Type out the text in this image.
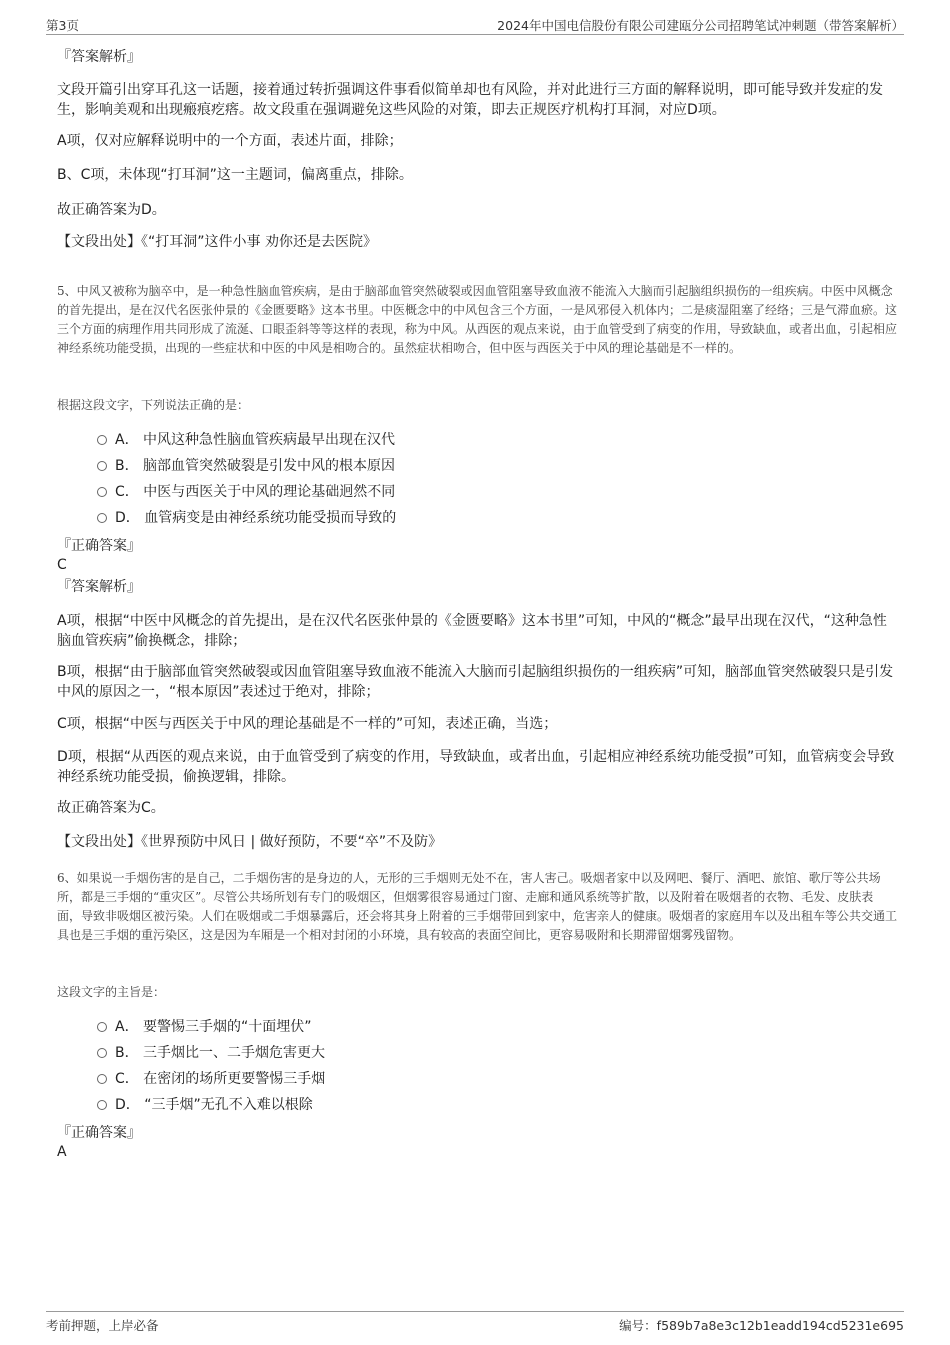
第3页	2024年中国电信股份有限公司建瓯分公司招聘笔试冲刺题（带答案解析）
『答案解析』
文段开篇引出穿耳孔这一话题，接着通过转折强调这件事看似简单却也有风险，并对此进行三方面的解释说明，即可能导致并发症的发生，影响美观和出现瘢痕疙瘩。故文段重在强调避免这些风险的对策，即去正规医疗机构打耳洞，对应D项。
A项，仅对应解释说明中的一个方面，表述片面，排除；
B、C项，未体现“打耳洞”这一主题词，偏离重点，排除。
故正确答案为D。
【文段出处】《“打耳洞”这件小事 劝你还是去医院》
5、中风又被称为脑卒中，是一种急性脑血管疾病，是由于脑部血管突然破裂或因血管阻塞导致血液不能流入大脑而引起脑组织损伤的一组疾病。中医中风概念的首先提出，是在汉代名医张仲景的《金匮要略》这本书里。中医概念中的中风包含三个方面，一是风邪侵入机体内；二是痰湿阻塞了经络；三是气滞血瘀。这三个方面的病理作用共同形成了流涎、口眼歪斜等等这样的表现，称为中风。从西医的观点来说，由于血管受到了病变的作用，导致缺血，或者出血，引起相应神经系统功能受损，出现的一些症状和中医的中风是相吻合的。虽然症状相吻合，但中医与西医关于中风的理论基础是不一样的。
根据这段文字，下列说法正确的是：
A． 中风这种急性脑血管疾病最早出现在汉代
B． 脑部血管突然破裂是引发中风的根本原因
C． 中医与西医关于中风的理论基础迥然不同
D． 血管病变是由神经系统功能受损而导致的
『正确答案』
C
『答案解析』
A项，根据“中医中风概念的首先提出，是在汉代名医张仲景的《金匮要略》这本书里”可知，中风的“概念”最早出现在汉代，“这种急性脑血管疾病”偷换概念，排除；
B项，根据“由于脑部血管突然破裂或因血管阻塞导致血液不能流入大脑而引起脑组织损伤的一组疾病”可知，脑部血管突然破裂只是引发中风的原因之一，“根本原因”表述过于绝对，排除；
C项，根据“中医与西医关于中风的理论基础是不一样的”可知，表述正确，当选；
D项，根据“从西医的观点来说，由于血管受到了病变的作用，导致缺血，或者出血，引起相应神经系统功能受损”可知，血管病变会导致神经系统功能受损，偷换逻辑，排除。
故正确答案为C。
【文段出处】《世界预防中风日 | 做好预防，不要“卒”不及防》
6、如果说一手烟伤害的是自己，二手烟伤害的是身边的人，无形的三手烟则无处不在，害人害己。吸烟者家中以及网吧、餐厅、酒吧、旅馆、歌厅等公共场所，都是三手烟的“重灾区”。尽管公共场所划有专门的吸烟区，但烟雾很容易通过门窗、走廊和通风系统等扩散，以及附着在吸烟者的衣物、毛发、皮肤表面，导致非吸烟区被污染。人们在吸烟或二手烟暴露后，还会将其身上附着的三手烟带回到家中，危害亲人的健康。吸烟者的家庭用车以及出租车等公共交通工具也是三手烟的重污染区，这是因为车厢是一个相对封闭的小环境，具有较高的表面空间比，更容易吸附和长期滞留烟雾残留物。
这段文字的主旨是：
A． 要警惕三手烟的“十面埋伏”
B． 三手烟比一、二手烟危害更大
C． 在密闭的场所更要警惕三手烟
D． “三手烟”无孔不入难以根除
『正确答案』
A
考前押题，上岸必备	编号：f589b7a8e3c12b1eadd194cd5231e695
